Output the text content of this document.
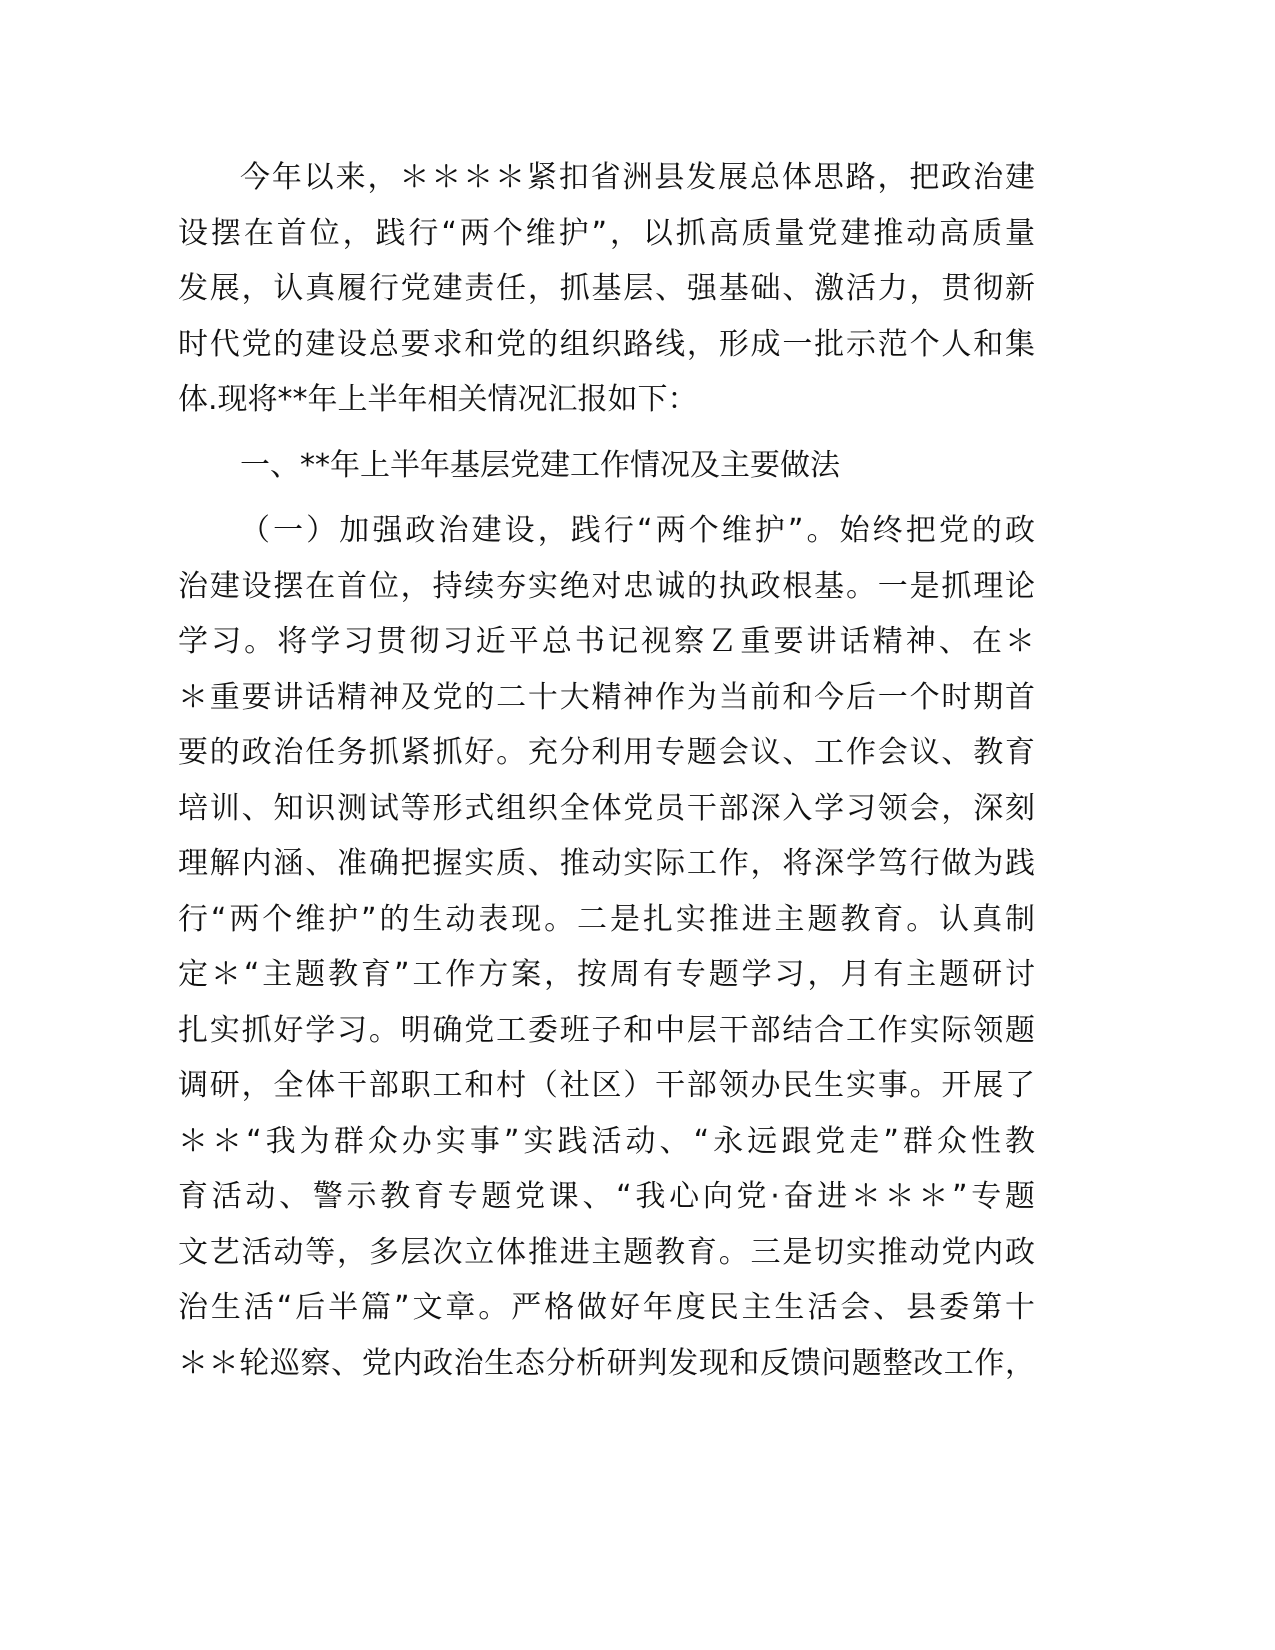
今年以来，＊＊＊＊紧扣省洲县发展总体思路，把政治建
设摆在首位，践行“两个维护”，以抓高质量党建推动高质量
发展，认真履行党建责任，抓基层、强基础、激活力，贯彻新
时代党的建设总要求和党的组织路线，形成一批示范个人和集
体.现将**年上半年相关情况汇报如下：
一、**年上半年基层党建工作情况及主要做法
（一）加强政治建设，践行“两个维护”。始终把党的政
治建设摆在首位，持续夯实绝对忠诚的执政根基。一是抓理论
学习。将学习贯彻习近平总书记视察Ｚ重要讲话精神、在＊
＊重要讲话精神及党的二十大精神作为当前和今后一个时期首
要的政治任务抓紧抓好。充分利用专题会议、工作会议、教育
培训、知识测试等形式组织全体党员干部深入学习领会，深刻
理解内涵、准确把握实质、推动实际工作，将深学笃行做为践
行“两个维护”的生动表现。二是扎实推进主题教育。认真制
定＊“主题教育”工作方案，按周有专题学习，月有主题研讨
扎实抓好学习。明确党工委班子和中层干部结合工作实际领题
调研，全体干部职工和村（社区）干部领办民生实事。开展了
＊＊“我为群众办实事”实践活动、“永远跟党走”群众性教
育活动、警示教育专题党课、“我心向党·奋进＊＊＊”专题
文艺活动等，多层次立体推进主题教育。三是切实推动党内政
治生活“后半篇”文章。严格做好年度民主生活会、县委第十
＊＊轮巡察、党内政治生态分析研判发现和反馈问题整改工作，
